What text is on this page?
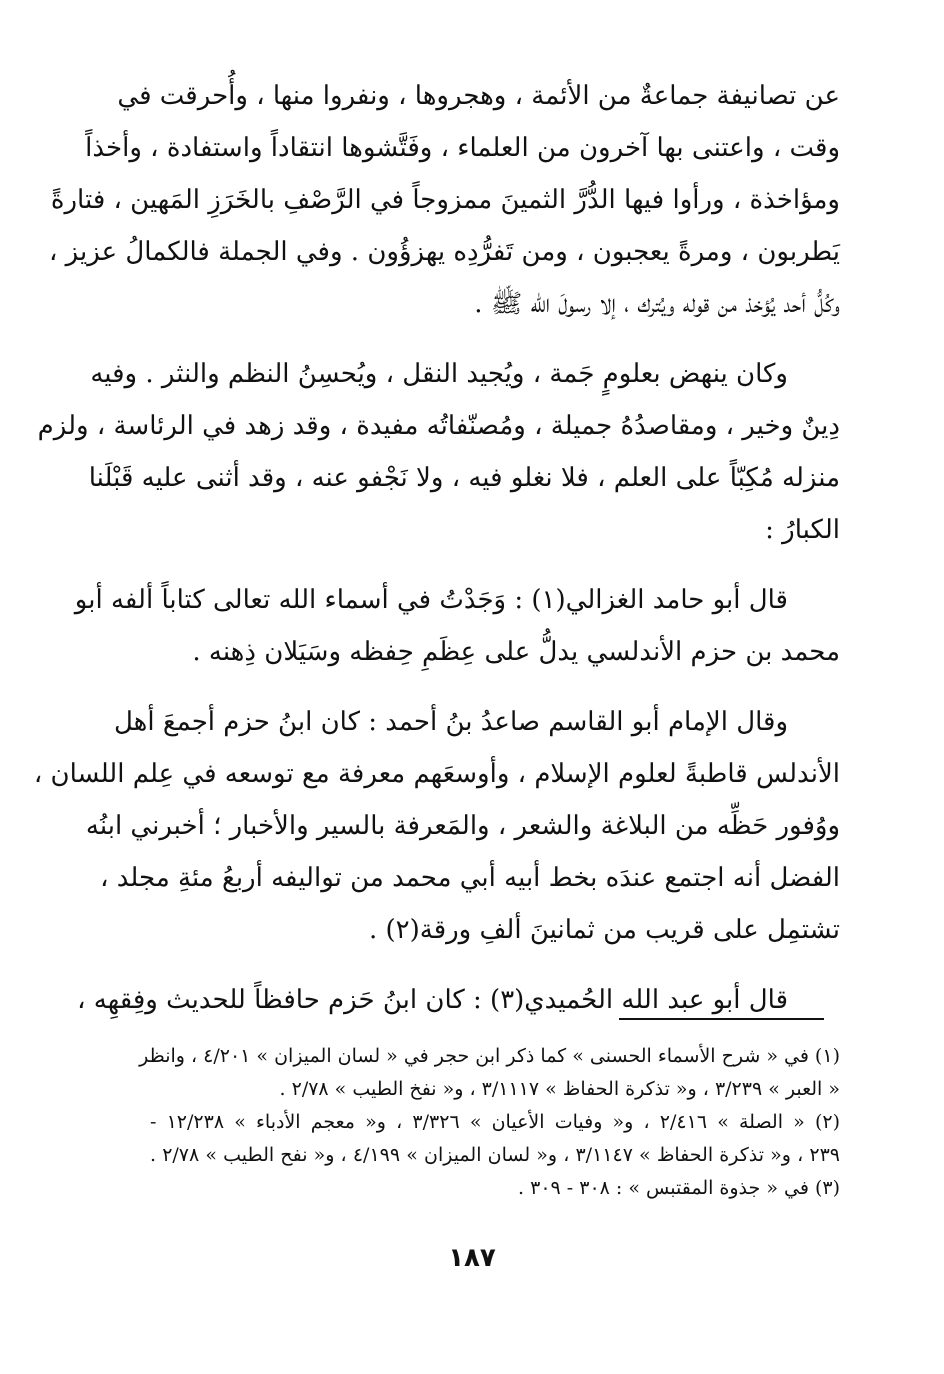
عن تصانيفة جماعةٌ من الأئمة ، وهجروها ، ونفروا منها ، وأُحرقت في
وقت ، واعتنى بها آخرون من العلماء ، وفَتَّشوها انتقاداً واستفادة ، وأخذاً
ومؤاخذة ، ورأوا فيها الدُّرَّ الثمينَ ممزوجاً في الرَّصْفِ بالخَرَزِ المَهين ، فتارةً
يَطربون ، ومرةً يعجبون ، ومن تَفرُّدِه يهزؤُون . وفي الجملة فالكمالُ عزيز ،
وكُلُّ أحد يُؤخذ من قوله ويُترك ، إلا رسولَ الله ﷺ .
وكان ينهض بعلومٍ جَمة ، ويُجيد النقل ، ويُحسِنُ النظم والنثر . وفيه
دِينٌ وخير ، ومقاصدُهُ جميلة ، ومُصنّفاتُه مفيدة ، وقد زهد في الرئاسة ، ولزم
منزله مُكِبّاً على العلم ، فلا نغلو فيه ، ولا نَجْفو عنه ، وقد أثنى عليه قَبْلَنا
الكبارُ :
قال أبو حامد الغزالي(١) : وَجَدْتُ في أسماء الله تعالى كتاباً ألفه أبو
محمد بن حزم الأندلسي يدلُّ على عِظَمِ حِفظه وسَيَلان ذِهنه .
وقال الإمام أبو القاسم صاعدُ بنُ أحمد : كان ابنُ حزم أجمعَ أهل
الأندلس قاطبةً لعلوم الإسلام ، وأوسعَهم معرفة مع توسعه في عِلم اللسان ،
ووُفور حَظِّه من البلاغة والشعر ، والمَعرفة بالسير والأخبار ؛ أخبرني ابنُه
الفضل أنه اجتمع عندَه بخط أبيه أبي محمد من تواليفه أربعُ مئةِ مجلد ،
تشتمِل على قريب من ثمانينَ ألفِ ورقة(٢) .
قال أبو عبد الله الحُميدي(٣) : كان ابنُ حَزم حافظاً للحديث وفِقهِه ،
(١) في « شرح الأسماء الحسنى » كما ذكر ابن حجر في « لسان الميزان » ٤/٢٠١ ، وانظر
« العبر » ٣/٢٣٩ ، و« تذكرة الحفاظ » ٣/١١١٧ ، و« نفخ الطيب » ٢/٧٨ .
(٢) « الصلة » ٢/٤١٦ ، و« وفيات الأعيان » ٣/٣٢٦ ، و« معجم الأدباء » ١٢/٢٣٨ -
٢٣٩ ، و« تذكرة الحفاظ » ٣/١١٤٧ ، و« لسان الميزان » ٤/١٩٩ ، و« نفح الطيب » ٢/٧٨ .
(٣) في « جذوة المقتبس » : ٣٠٨ - ٣٠٩ .
١٨٧
